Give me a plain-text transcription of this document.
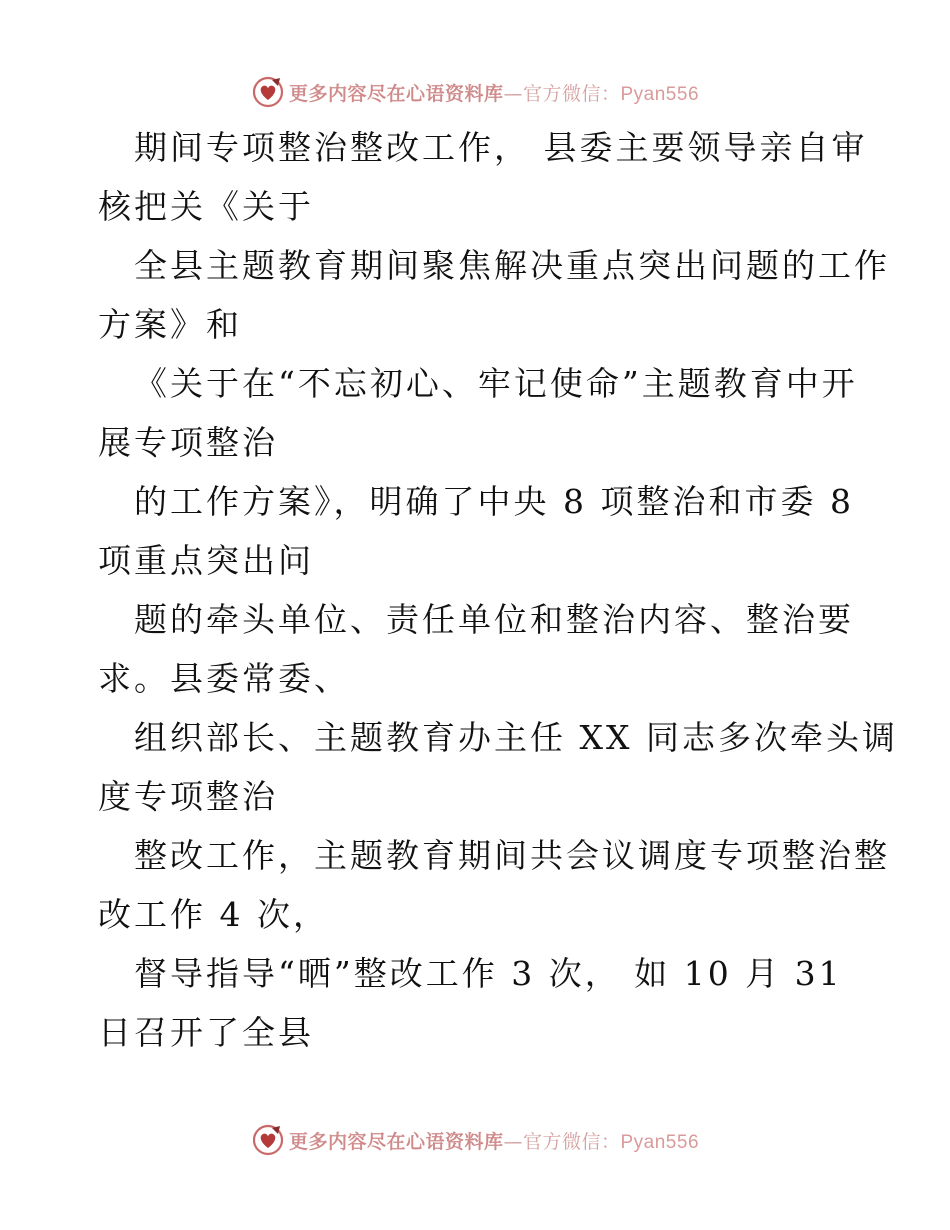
更多内容尽在心语资料库—官方微信：Pyan556
期间专项整治整改工作， 县委主要领导亲自审
核把关《关于
全县主题教育期间聚焦解决重点突出问题的工作
方案》和
《关于在“不忘初心、牢记使命”主题教育中开
展专项整治
的工作方案》，明确了中央 8 项整治和市委 8
项重点突出问
题的牵头单位、责任单位和整治内容、整治要
求。县委常委、
组织部长、主题教育办主任 XX 同志多次牵头调
度专项整治
整改工作，主题教育期间共会议调度专项整治整
改工作 4 次，
督导指导“晒”整改工作 3 次， 如 10 月 31
日召开了全县
更多内容尽在心语资料库—官方微信：Pyan556
